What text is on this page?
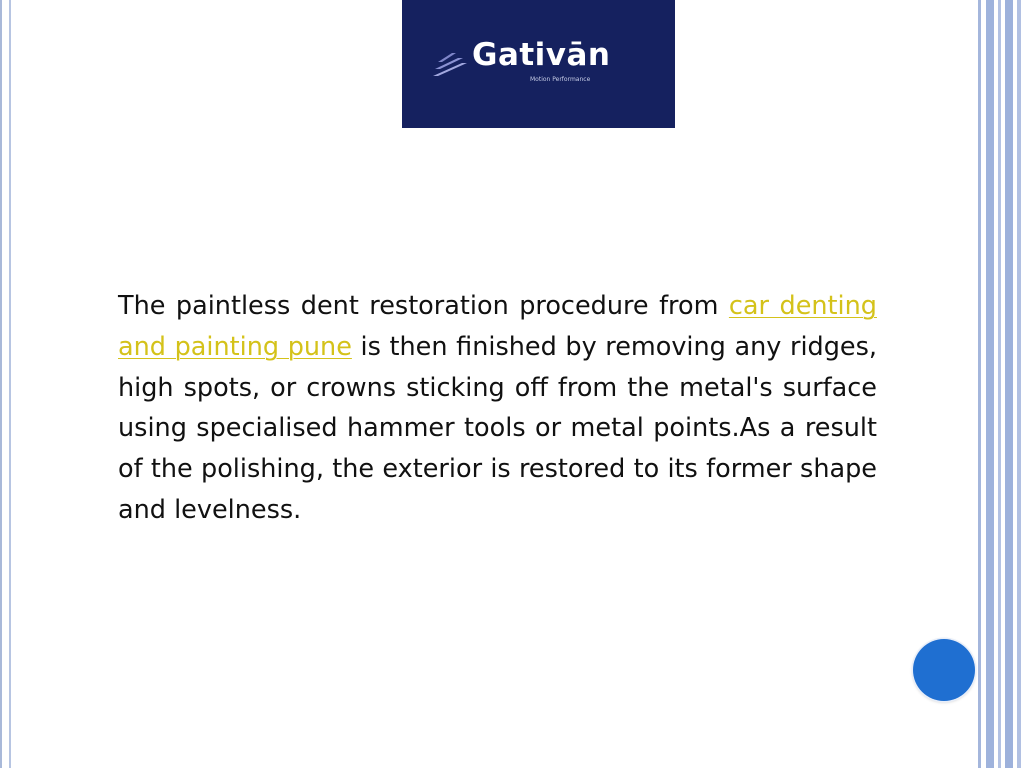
Gativān
Motion Performance

The paintless dent restoration procedure from car denting and painting pune is then finished by removing any ridges, high spots, or crowns sticking off from the metal's surface using specialised hammer tools or metal points.As a result of the polishing, the exterior is restored to its former shape and levelness.
